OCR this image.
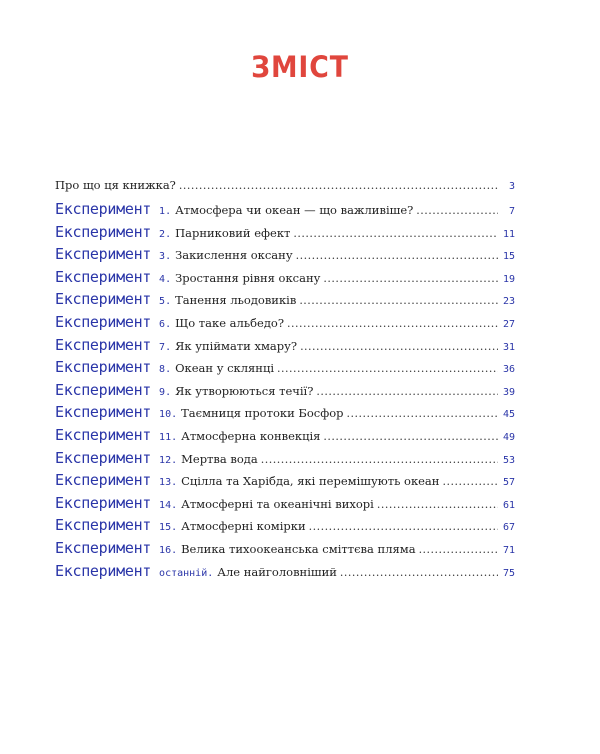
ЗМІСТ
Про що ця книжка? .....	3
Експеримент 1. Атмосфера чи океан — що важливіше? .....	7
Експеримент 2. Парниковий ефект .....	11
Експеримент 3. Закислення оксану .....	15
Експеримент 4. Зростання рівня оксану .....	19
Експеримент 5. Танення льодовиків .....	23
Експеримент 6. Що таке альбедо? .....	27
Експеримент 7. Як упіймати хмару? .....	31
Експеримент 8. Океан у склянці .....	36
Експеримент 9. Як утворюються течії? .....	39
Експеримент 10. Таємниця протоки Босфор .....	45
Експеримент 11. Атмосферна конвекція .....	49
Експеримент 12. Мертва вода .....	53
Експеримент 13. Сцілла та Харібда, які перемішують океан .....	57
Експеримент 14. Атмосферні та океанічні вихорі .....	61
Експеримент 15. Атмосферні комірки .....	67
Експеримент 16. Велика тихоокеанська сміттєва пляма .....	71
Експеримент останній. Але найголовніший .....	75
